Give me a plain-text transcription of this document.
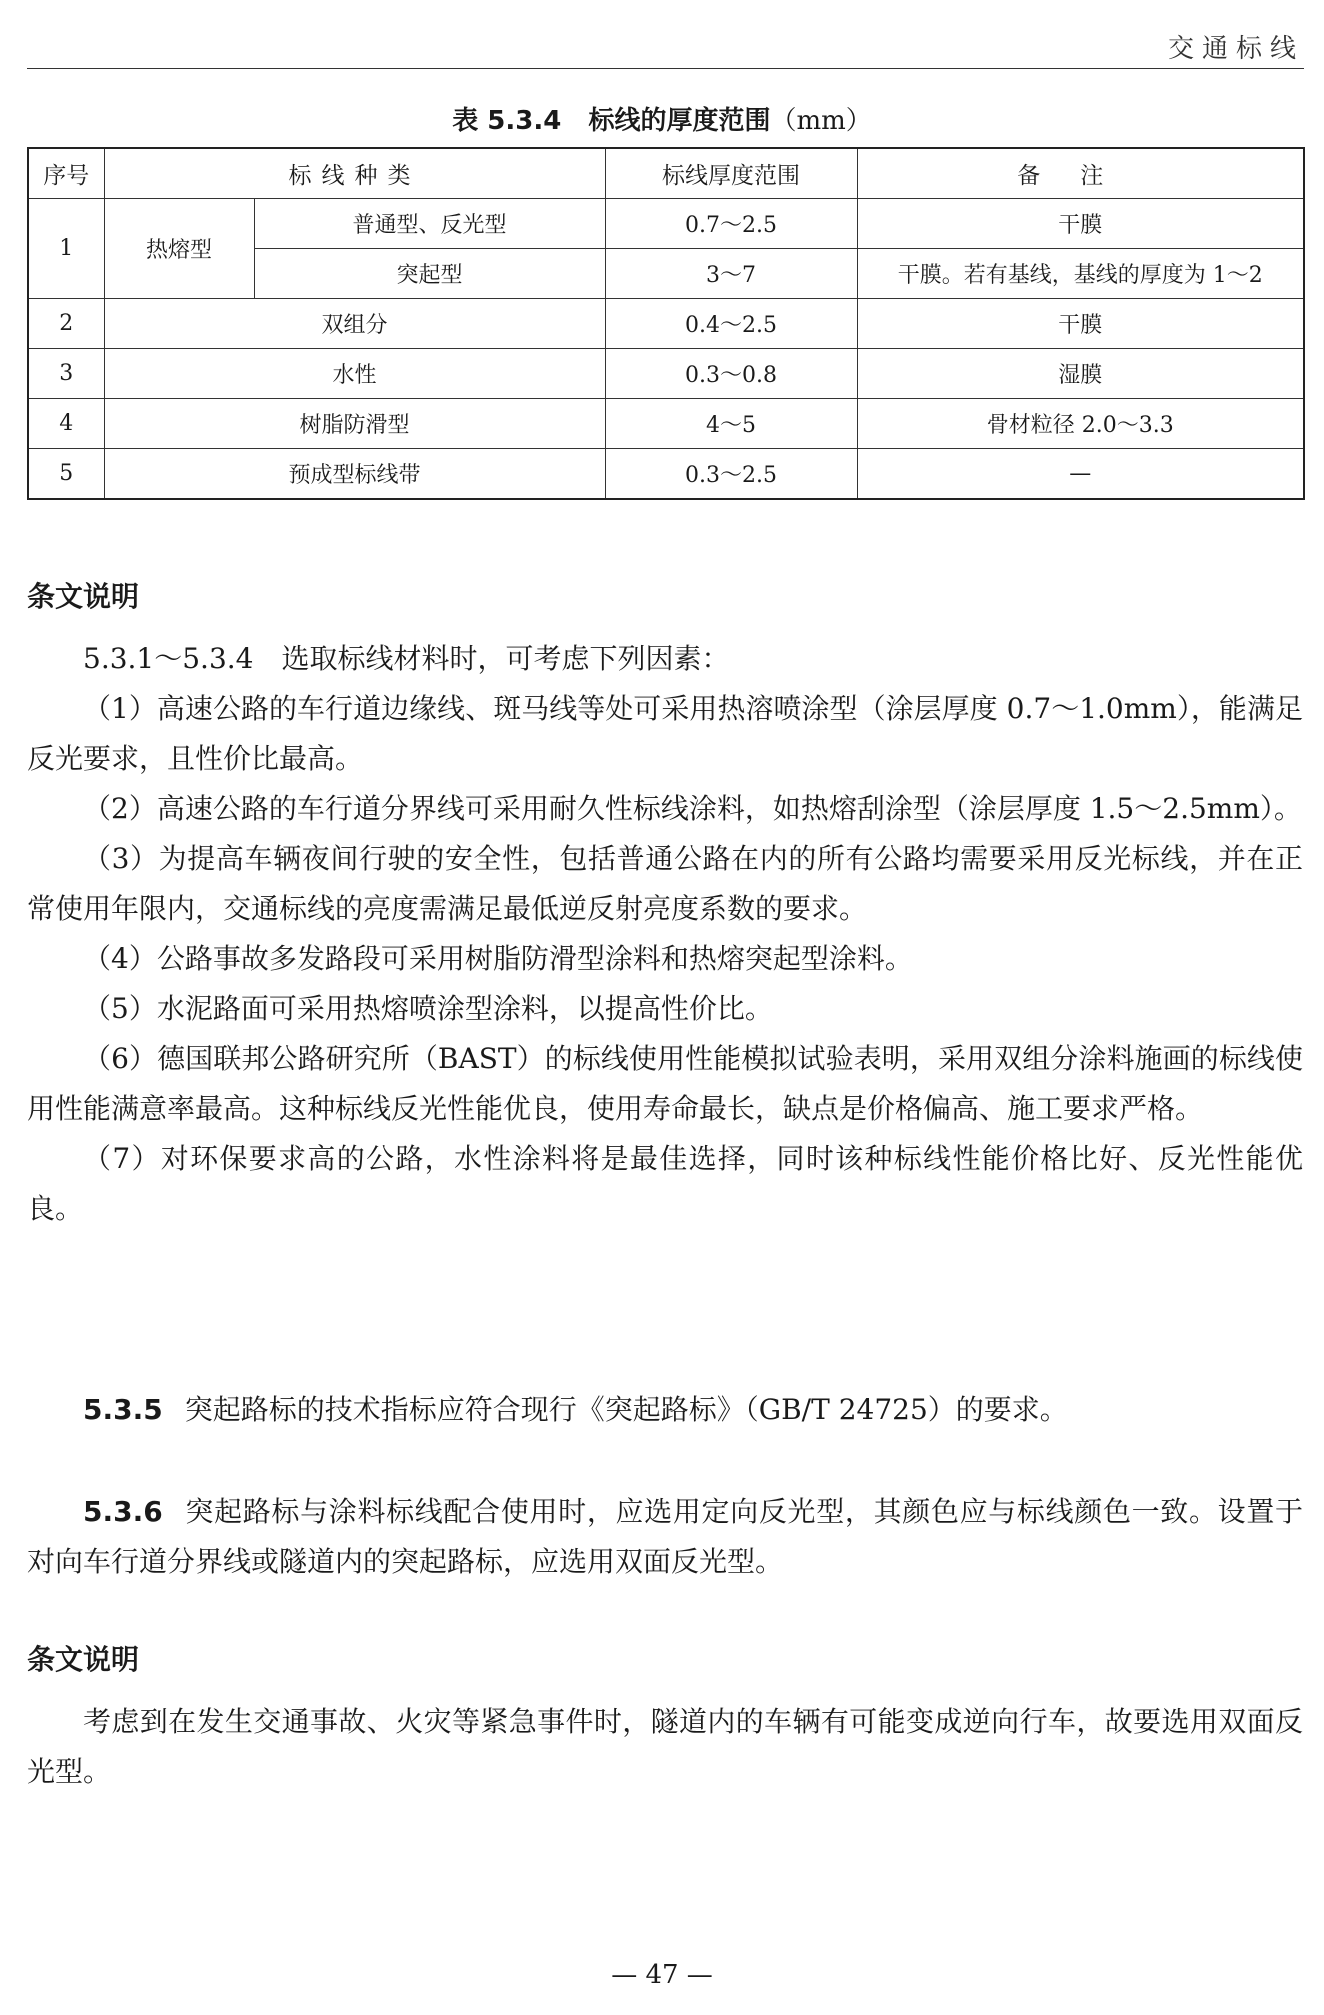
交通标线
表 5.3.4 标线的厚度范围（mm）
序号	标线种类		标线厚度范围	备注
1	热熔型	普通型、反光型	0.7～2.5	干膜
		突起型	3～7	干膜。若有基线，基线的厚度为 1～2
2	双组分		0.4～2.5	干膜
3	水性		0.3～0.8	湿膜
4	树脂防滑型		4～5	骨材粒径 2.0～3.3
5	预成型标线带		0.3～2.5	—
条文说明

5.3.1～5.3.4　选取标线材料时，可考虑下列因素：

（1）高速公路的车行道边缘线、斑马线等处可采用热溶喷涂型（涂层厚度 0.7～1.0mm），能满足反光要求，且性价比最高。

（2）高速公路的车行道分界线可采用耐久性标线涂料，如热熔刮涂型（涂层厚度 1.5～2.5mm）。

（3）为提高车辆夜间行驶的安全性，包括普通公路在内的所有公路均需要采用反光标线，并在正常使用年限内，交通标线的亮度需满足最低逆反射亮度系数的要求。

（4）公路事故多发路段可采用树脂防滑型涂料和热熔突起型涂料。

（5）水泥路面可采用热熔喷涂型涂料，以提高性价比。

（6）德国联邦公路研究所（BAST）的标线使用性能模拟试验表明，采用双组分涂料施画的标线使用性能满意率最高。这种标线反光性能优良，使用寿命最长，缺点是价格偏高、施工要求严格。

（7）对环保要求高的公路，水性涂料将是最佳选择，同时该种标线性能价格比好、反光性能优良。

5.3.5 突起路标的技术指标应符合现行《突起路标》（GB/T 24725）的要求。
5.3.6 突起路标与涂料标线配合使用时，应选用定向反光型，其颜色应与标线颜色一致。设置于对向车行道分界线或隧道内的突起路标，应选用双面反光型。
条文说明

考虑到在发生交通事故、火灾等紧急事件时，隧道内的车辆有可能变成逆向行车，故要选用双面反光型。

— 47 —
